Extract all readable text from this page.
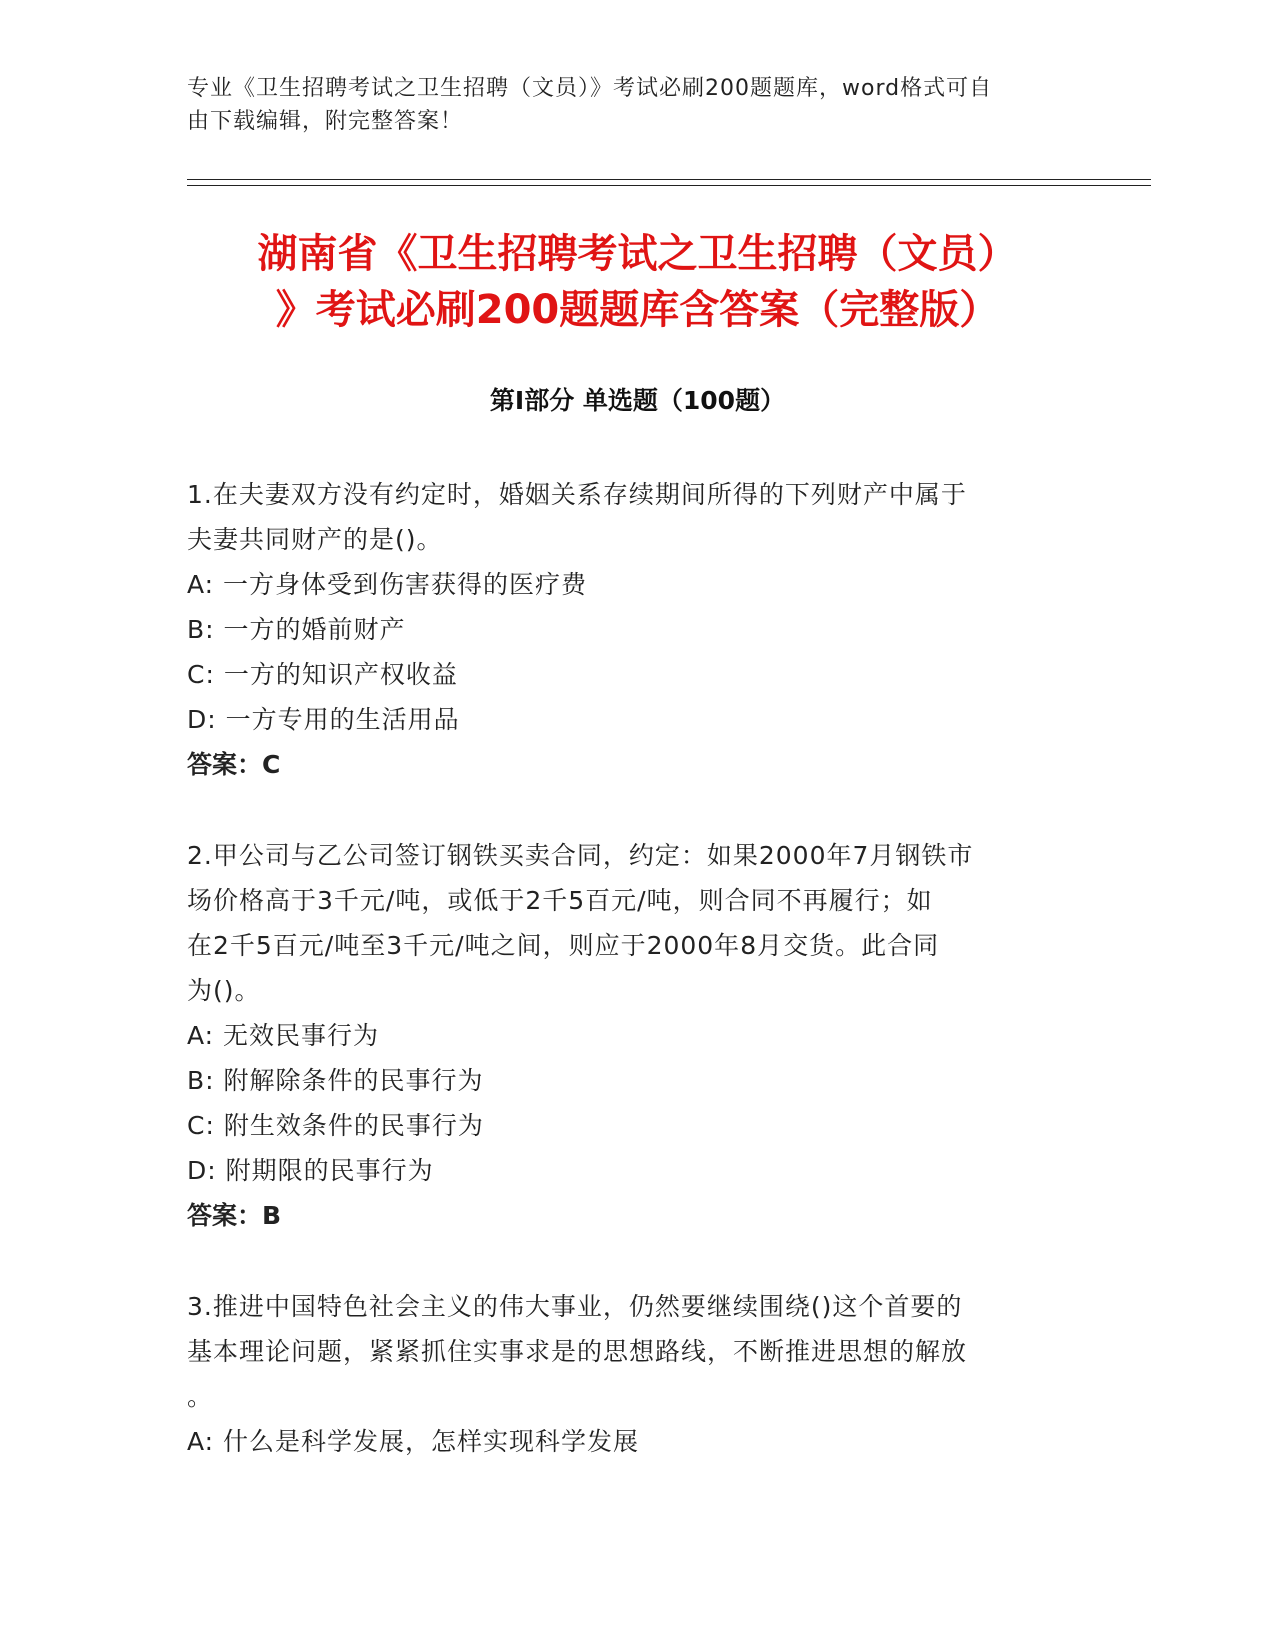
专业《卫生招聘考试之卫生招聘（文员）》考试必刷200题题库，word格式可自
由下载编辑，附完整答案！
湖南省《卫生招聘考试之卫生招聘（文员）
》考试必刷200题题库含答案（完整版）
第I部分 单选题（100题）
1.在夫妻双方没有约定时，婚姻关系存续期间所得的下列财产中属于
夫妻共同财产的是()。
A: 一方身体受到伤害获得的医疗费
B: 一方的婚前财产
C: 一方的知识产权收益
D: 一方专用的生活用品
答案：C
2.甲公司与乙公司签订钢铁买卖合同，约定：如果2000年7月钢铁市
场价格高于3千元/吨，或低于2千5百元/吨，则合同不再履行；如
在2千5百元/吨至3千元/吨之间，则应于2000年8月交货。此合同
为()。
A: 无效民事行为
B: 附解除条件的民事行为
C: 附生效条件的民事行为
D: 附期限的民事行为
答案：B
3.推进中国特色社会主义的伟大事业，仍然要继续围绕()这个首要的
基本理论问题，紧紧抓住实事求是的思想路线，不断推进思想的解放
。
A: 什么是科学发展，怎样实现科学发展
